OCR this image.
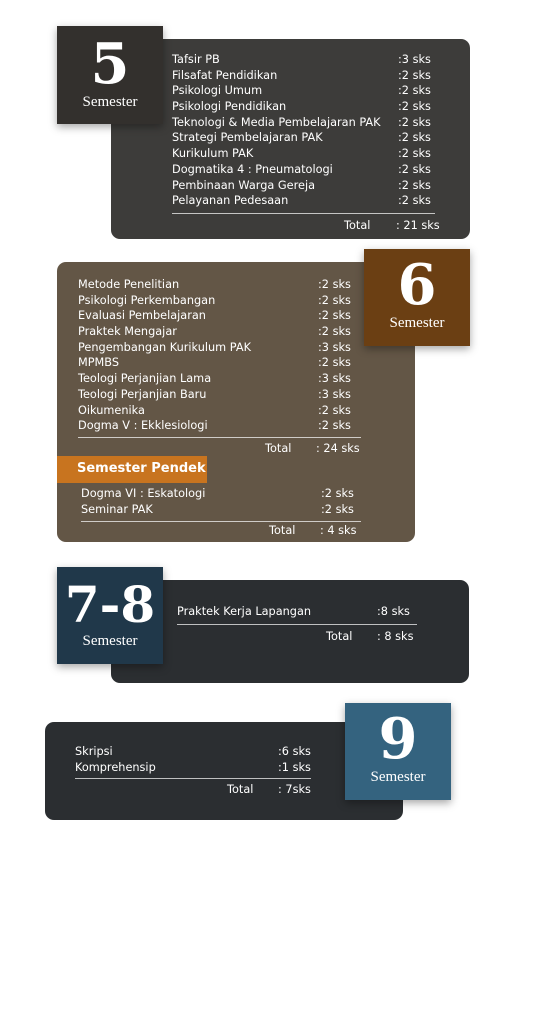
Tafsir PB	:3 sks
Filsafat Pendidikan	:2 sks
Psikologi Umum	:2 sks
Psikologi Pendidikan	:2 sks
Teknologi & Media Pembelajaran PAK :2 sks
Strategi Pembelajaran PAK	:2 sks
Kurikulum PAK	:2 sks
Dogmatika 4 : Pneumatologi	:2 sks
Pembinaan Warga Gereja	:2 sks
Pelayanan Pedesaan	:2 sks
Total : 21 sks
5
Semester
Metode Penelitian	:2 sks
Psikologi Perkembangan	:2 sks
Evaluasi Pembelajaran	:2 sks
Praktek Mengajar	:2 sks
Pengembangan Kurikulum PAK	:3 sks
MPMBS	:2 sks
Teologi Perjanjian Lama	:3 sks
Teologi Perjanjian Baru	:3 sks
Oikumenika	:2 sks
Dogma V : Ekklesiologi	:2 sks
Total : 24 sks
Semester Pendek
Dogma VI : Eskatologi	:2 sks
Seminar PAK	:2 sks
Total : 4 sks
6
Semester
Praktek Kerja Lapangan	:8 sks
Total : 8 sks
7-8
Semester
Skripsi	:6 sks
Komprehensip	:1 sks
Total : 7sks
9
Semester
